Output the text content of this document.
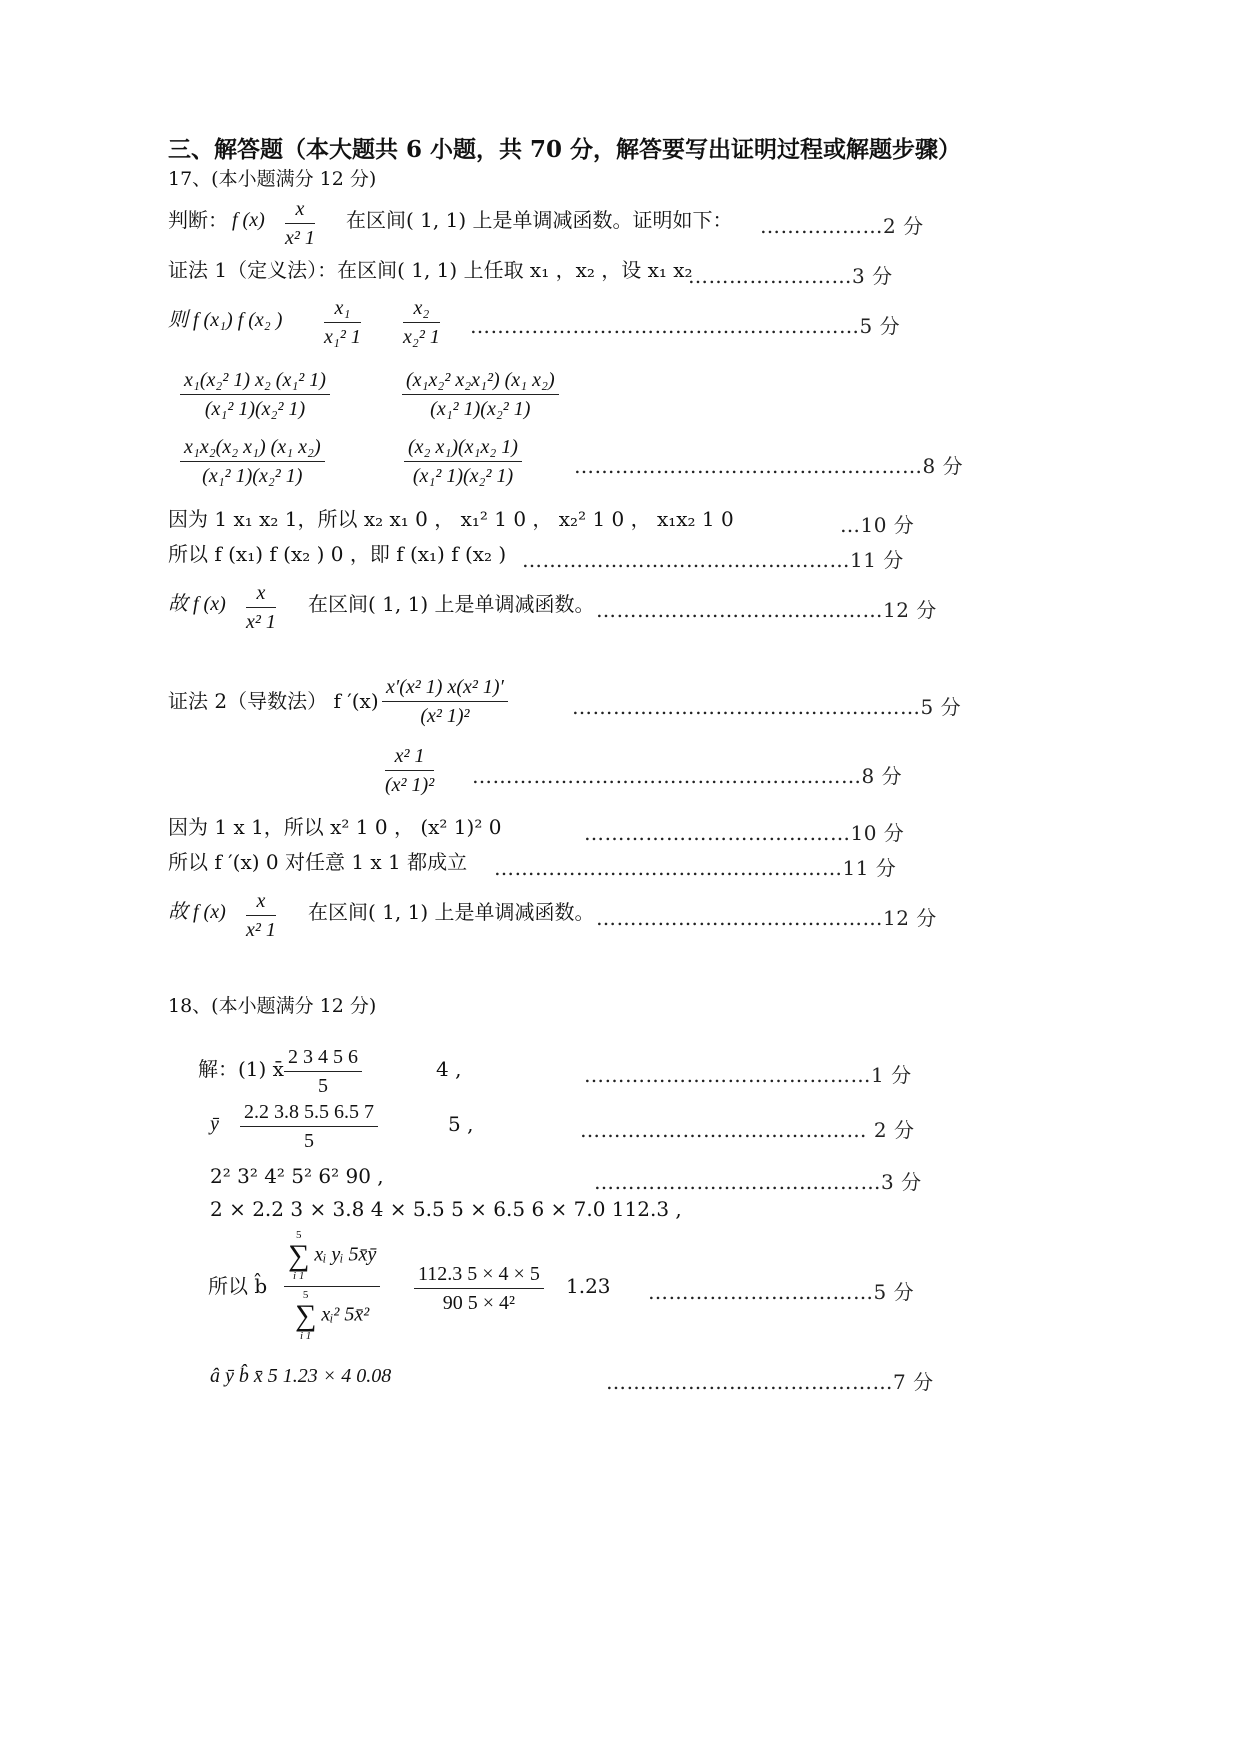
三、解答题（本大题共 6 小题，共 70 分，解答要写出证明过程或解题步骤）
17、(本小题满分 12 分)
判断： f $(x) \frac{x}{\text{x² 1}}$ 在区间( 1, 1) 上是单调减函数。证明如下： ………………2 分
证法 1（定义法）：在区间( 1, 1) 上任取 x₁ ，x₂ ，设 x₁ x₂
……………………3 分
则 f (x₁) f (x₂ ) $\frac{\text{x₁}}{\text{x₁² 1}} \frac{\text{x₂}}{\text{x₂² 1}}$ …………………………………………………5 分
$\frac{\text{x₁(x₂² 1) x₂ (x₁² 1)}}{\text{(x₁² 1)(x₂² 1)}}$	$\frac{\text{(x₁x₂² x₂x₁²) (x₁ x₂)}}{\text{(x₁² 1)(x₂² 1)}}$
$\frac{\text{x₁x₂(x₂ x₁) (x₁ x₂)}}{\text{(x₁² 1)(x₂² 1)}}$	$\frac{\text{(x₂ x₁)(x₁x₂ 1)}}{\text{(x₁² 1)(x₂² 1)}}$	……………………………………………8 分
因为 1 x₁ x₂ 1，所以 x₂ x₁ 0 ， x₁² 1 0 ， x₂² 1 0 ， x₁x₂ 1 0	…10 分
所以 f (x₁) f (x₂ ) 0 ，即 f (x₁) f (x₂ ) …………………………………………11 分
故 f $(x) \frac{x}{\text{x² 1}}$ 在区间( 1, 1) 上是单调减函数。 ……………………………………12 分
证法 2（导数法） f $'(x) \frac{\text{x′(x² 1) x(x² 1)′}}{\text{(x² 1)²}}$	……………………………………………5 分
$\frac{\text{x² 1}}{\text{(x² 1)²}}$ …………………………………………………8 分
因为 1 x 1，所以 x² 1 0 ， (x² 1)² 0	…………………………………10 分
所以 f ′(x) 0 对任意 1 x 1 都成立 ……………………………………………11 分
故 f $(x) \frac{x}{\text{x² 1}}$ 在区间( 1, 1) 上是单调减函数。 ……………………………………12 分
18、(本小题满分 12 分)
解：(1) x̄ $\frac{2 3 4 5 6}{5}$	4 ,	……………………………………1 分
ȳ $\frac{2.2 3.8 5.5 6.5 7}{5}$	5 ,	…………………………………… 2 分
2² 3² 4² 5² 6² 90 ,	……………………………………3 分
2 × 2.2 3 × 3.8 4 × 5.5 5 × 6.5 6 × 7.0 112.3 ,
所以 b̂ 5
∑
i 1
xᵢ yᵢ 5x̄ȳ
5
∑
i 1
xᵢ² 5x̄² $\frac{112.3 5 \times 4 \times 5}{\text{90 5 × 4²}} 1.23$ ……………………………5 分
â ȳ b̂ x̄ 5 1.23 × 4 0.08	……………………………………7 分
